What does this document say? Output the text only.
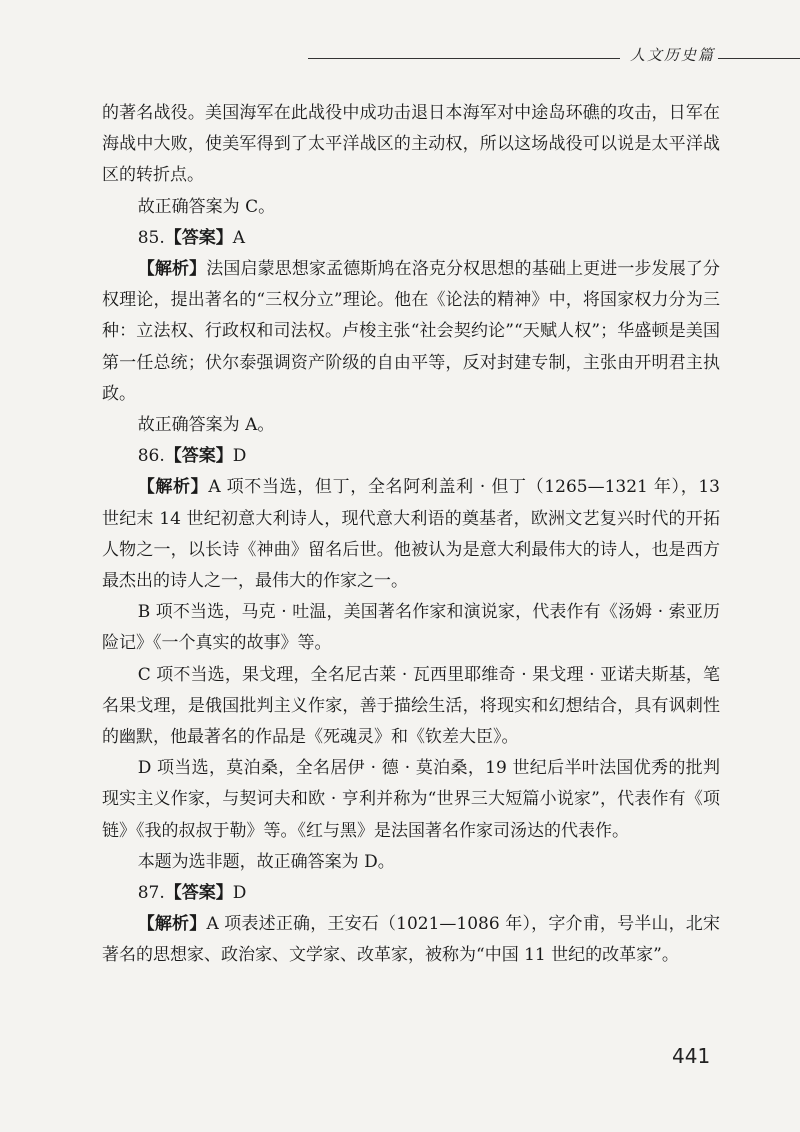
人文历史篇

的著名战役。美国海军在此战役中成功击退日本海军对中途岛环礁的攻击，日军在海战中大败，使美军得到了太平洋战区的主动权，所以这场战役可以说是太平洋战区的转折点。

故正确答案为 C。

85.【答案】A

【解析】法国启蒙思想家孟德斯鸠在洛克分权思想的基础上更进一步发展了分权理论，提出著名的“三权分立”理论。他在《论法的精神》中，将国家权力分为三种：立法权、行政权和司法权。卢梭主张“社会契约论”“天赋人权”；华盛顿是美国第一任总统；伏尔泰强调资产阶级的自由平等，反对封建专制，主张由开明君主执政。

故正确答案为 A。

86.【答案】D

【解析】A 项不当选，但丁，全名阿利盖利 · 但丁（1265—1321 年），13 世纪末 14 世纪初意大利诗人，现代意大利语的奠基者，欧洲文艺复兴时代的开拓人物之一，以长诗《神曲》留名后世。他被认为是意大利最伟大的诗人，也是西方最杰出的诗人之一，最伟大的作家之一。

B 项不当选，马克 · 吐温，美国著名作家和演说家，代表作有《汤姆 · 索亚历险记》《一个真实的故事》等。

C 项不当选，果戈理，全名尼古莱 · 瓦西里耶维奇 · 果戈理 · 亚诺夫斯基，笔名果戈理，是俄国批判主义作家，善于描绘生活，将现实和幻想结合，具有讽刺性的幽默，他最著名的作品是《死魂灵》和《钦差大臣》。

D 项当选，莫泊桑，全名居伊 · 德 · 莫泊桑，19 世纪后半叶法国优秀的批判现实主义作家，与契诃夫和欧 · 亨利并称为“世界三大短篇小说家”，代表作有《项链》《我的叔叔于勒》等。《红与黑》是法国著名作家司汤达的代表作。

本题为选非题，故正确答案为 D。

87.【答案】D

【解析】A 项表述正确，王安石（1021—1086 年），字介甫，号半山，北宋著名的思想家、政治家、文学家、改革家，被称为“中国 11 世纪的改革家”。

441
